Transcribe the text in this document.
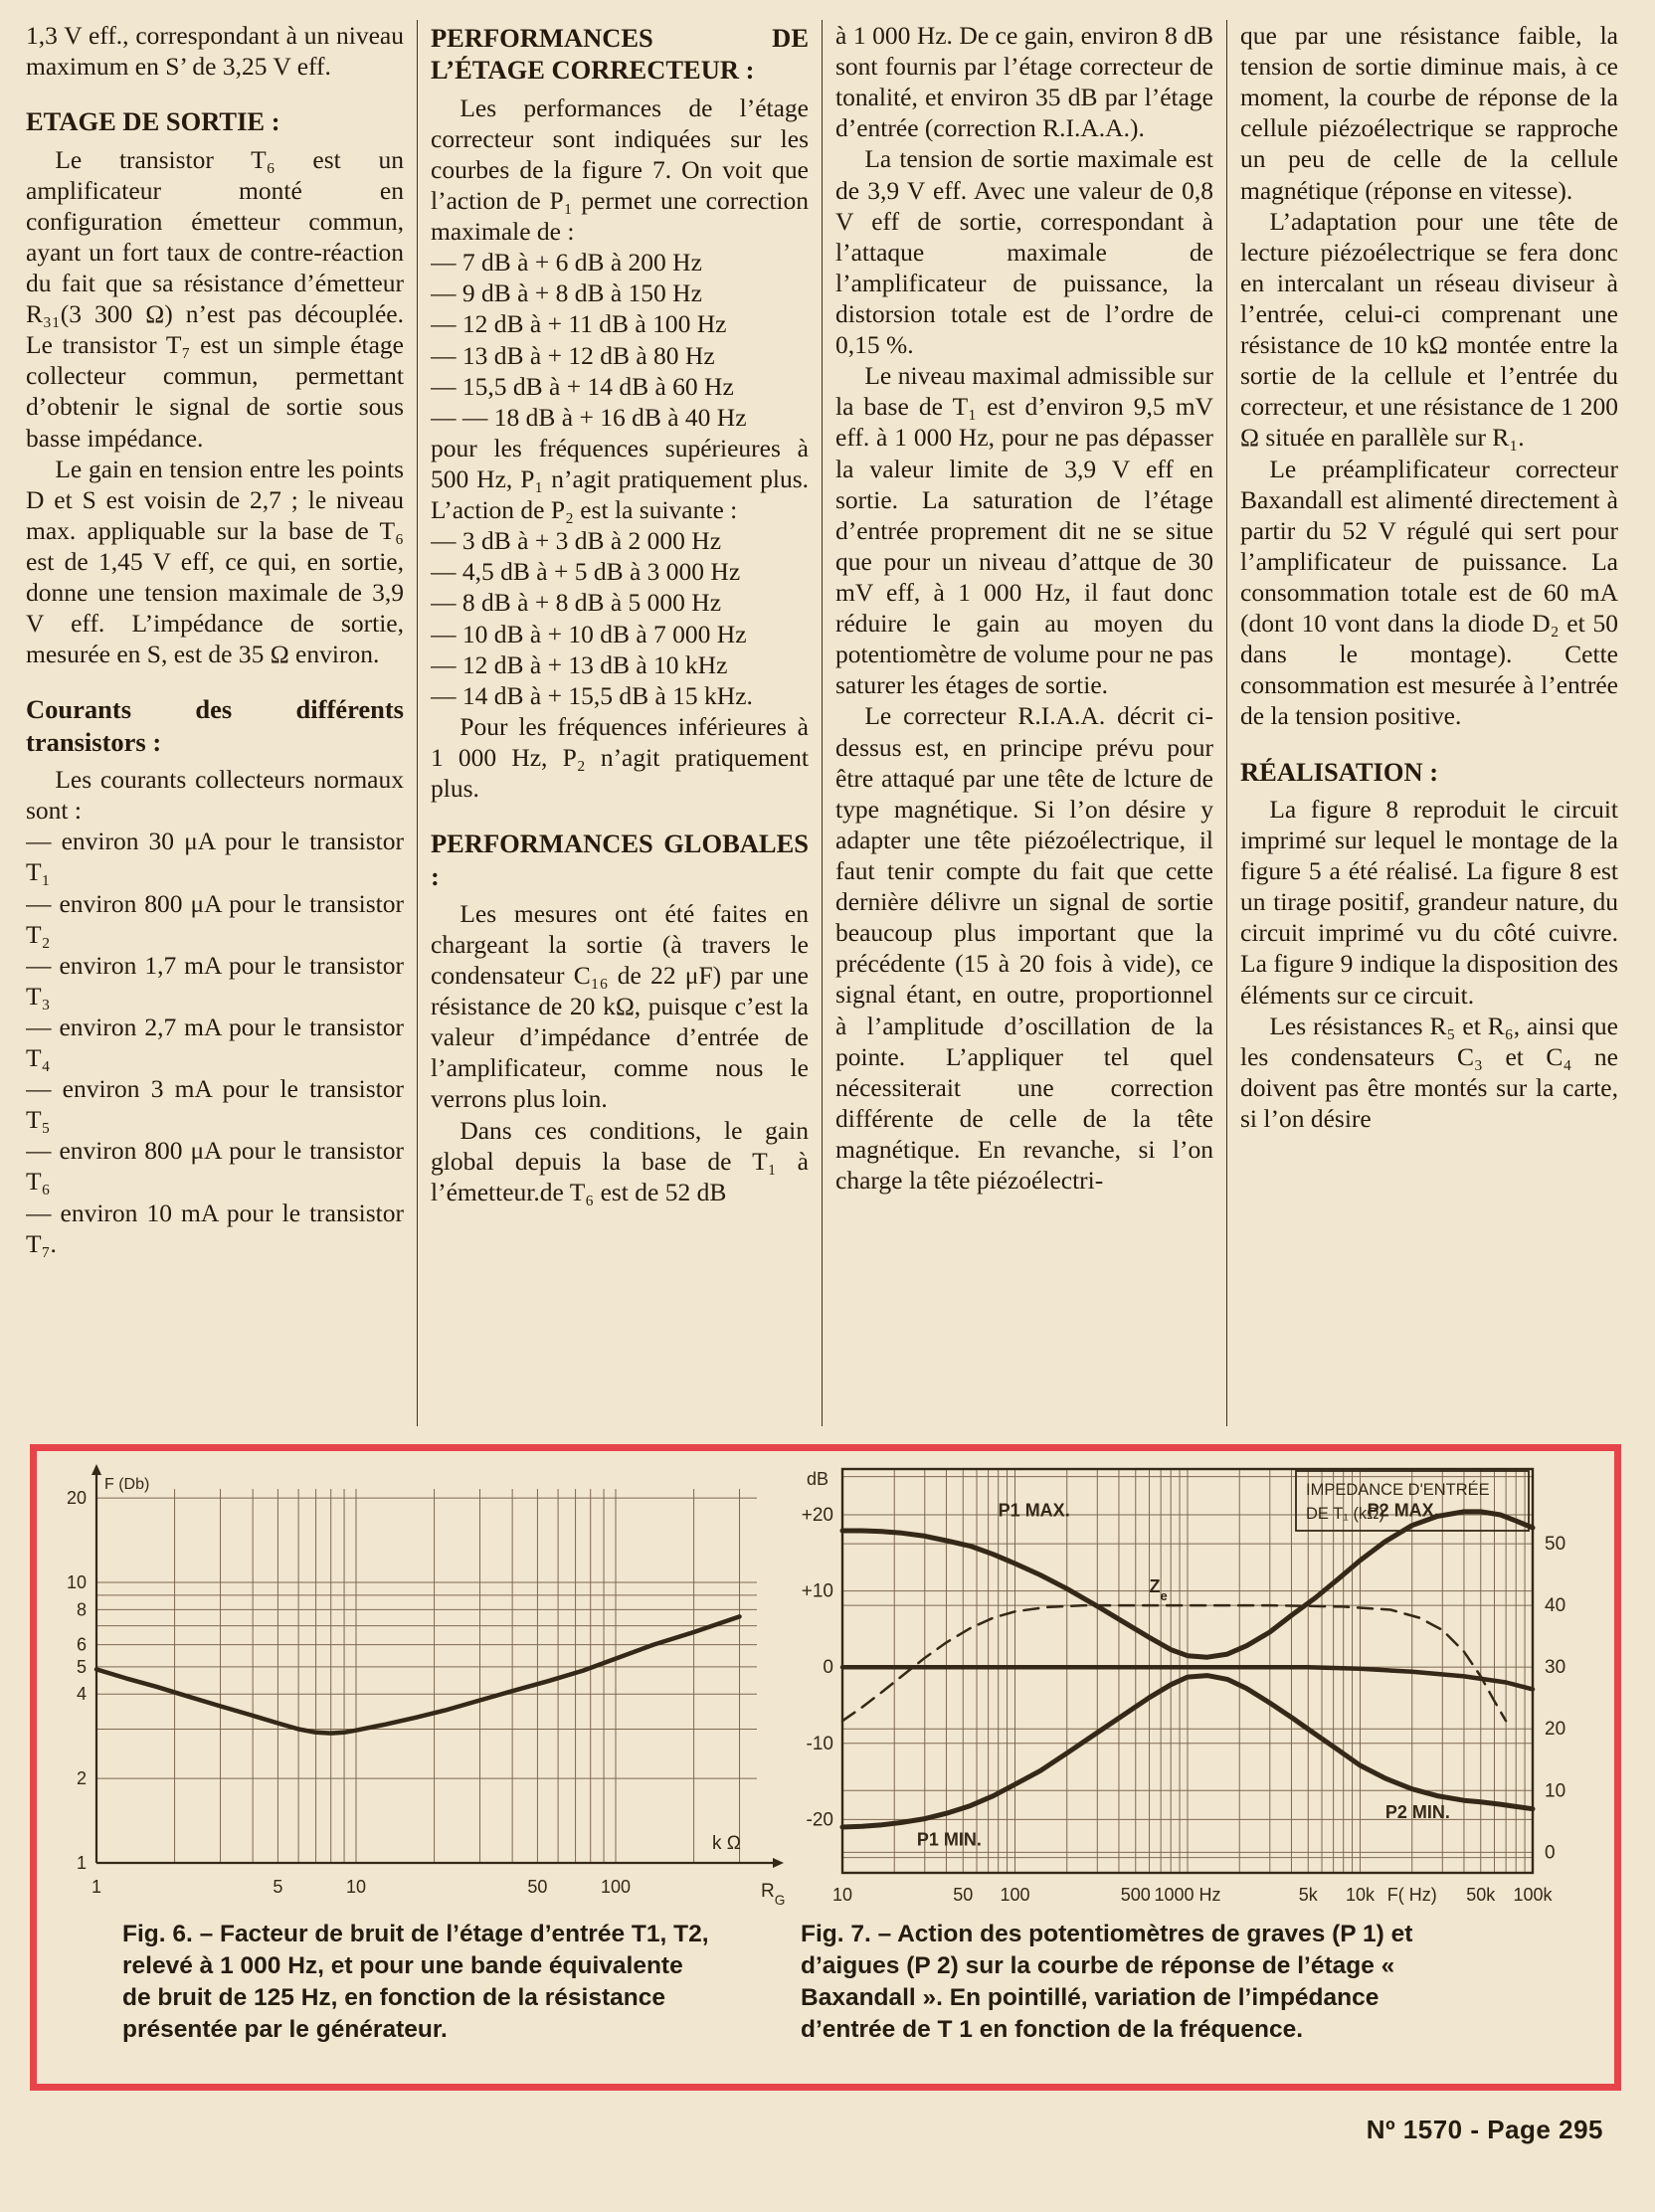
1,3 V eff., correspondant à un niveau maximum en S’ de 3,25 V eff.

ETAGE DE SORTIE :

Le transistor T₆ est un amplificateur monté en configuration émetteur commun, ayant un fort taux de contre-réaction du fait que sa résistance d’émetteur R₃₁(3 300 Ω) n’est pas découplée. Le transistor T₇ est un simple étage collecteur commun, permettant d’obtenir le signal de sortie sous basse impédance.

Le gain en tension entre les points D et S est voisin de 2,7 ; le niveau max. appliquable sur la base de T₆ est de 1,45 V eff, ce qui, en sortie, donne une tension maximale de 3,9 V eff. L’impédance de sortie, mesurée en S, est de 35 Ω environ.

Courants des différents transistors :

Les courants collecteurs normaux sont :

— environ 30 μA pour le transistor T₁

— environ 800 μA pour le transistor T₂

— environ 1,7 mA pour le transistor T₃

— environ 2,7 mA pour le transistor T₄

— environ 3 mA pour le transistor T₅

— environ 800 μA pour le transistor T₆

— environ 10 mA pour le transistor T₇.

PERFORMANCES DE L’ÉTAGE CORRECTEUR :

Les performances de l’étage correcteur sont indiquées sur les courbes de la figure 7. On voit que l’action de P₁ permet une correction maximale de :

— 7 dB à + 6 dB à 200 Hz

— 9 dB à + 8 dB à 150 Hz

— 12 dB à + 11 dB à 100 Hz

— 13 dB à + 12 dB à 80 Hz

— 15,5 dB à + 14 dB à 60 Hz

— — 18 dB à + 16 dB à 40 Hz

pour les fréquences supérieures à 500 Hz, P₁ n’agit pratiquement plus. L’action de P₂ est la suivante :

— 3 dB à + 3 dB à 2 000 Hz

— 4,5 dB à + 5 dB à 3 000 Hz

— 8 dB à + 8 dB à 5 000 Hz

— 10 dB à + 10 dB à 7 000 Hz

— 12 dB à + 13 dB à 10 kHz

— 14 dB à + 15,5 dB à 15 kHz.

Pour les fréquences inférieures à 1 000 Hz, P₂ n’agit pratiquement plus.

PERFORMANCES GLOBALES :

Les mesures ont été faites en chargeant la sortie (à travers le condensateur C₁₆ de 22 μF) par une résistance de 20 kΩ, puisque c’est la valeur d’impédance d’entrée de l’amplificateur, comme nous le verrons plus loin.

Dans ces conditions, le gain global depuis la base de T₁ à l’émetteur.de T₆ est de 52 dB

à 1 000 Hz. De ce gain, environ 8 dB sont fournis par l’étage correcteur de tonalité, et environ 35 dB par l’étage d’entrée (correction R.I.A.A.).

La tension de sortie maximale est de 3,9 V eff. Avec une valeur de 0,8 V eff de sortie, correspondant à l’attaque maximale de l’amplificateur de puissance, la distorsion totale est de l’ordre de 0,15 %.

Le niveau maximal admissible sur la base de T₁ est d’environ 9,5 mV eff. à 1 000 Hz, pour ne pas dépasser la valeur limite de 3,9 V eff en sortie. La saturation de l’étage d’entrée proprement dit ne se situe que pour un niveau d’attque de 30 mV eff, à 1 000 Hz, il faut donc réduire le gain au moyen du potentiomètre de volume pour ne pas saturer les étages de sortie.

Le correcteur R.I.A.A. décrit ci-dessus est, en principe prévu pour être attaqué par une tête de lcture de type magnétique. Si l’on désire y adapter une tête piézoélectrique, il faut tenir compte du fait que cette dernière délivre un signal de sortie beaucoup plus important que la précédente (15 à 20 fois à vide), ce signal étant, en outre, proportionnel à l’amplitude d’oscillation de la pointe. L’appliquer tel quel nécessiterait une correction différente de celle de la tête magnétique. En revanche, si l’on charge la tête piézoélectri-

que par une résistance faible, la tension de sortie diminue mais, à ce moment, la courbe de réponse de la cellule piézoélectrique se rapproche un peu de celle de la cellule magnétique (réponse en vitesse).

L’adaptation pour une tête de lecture piézoélectrique se fera donc en intercalant un réseau diviseur à l’entrée, celui-ci comprenant une résistance de 10 kΩ montée entre la sortie de la cellule et l’entrée du correcteur, et une résistance de 1 200 Ω située en parallèle sur R₁.

Le préamplificateur correcteur Baxandall est alimenté directement à partir du 52 V régulé qui sert pour l’amplificateur de puissance. La consommation totale est de 60 mA (dont 10 vont dans la diode D₂ et 50 dans le montage). Cette consommation est mesurée à l’entrée de la tension positive.

RÉALISATION :

La figure 8 reproduit le circuit imprimé sur lequel le montage de la figure 5 a été réalisé. La figure 8 est un tirage positif, grandeur nature, du circuit imprimé vu du côté cuivre. La figure 9 indique la disposition des éléments sur ce circuit.

Les résistances R₅ et R₆, ainsi que les condensateurs C₃ et C₄ ne doivent pas être montés sur la carte, si l’on désire

20
10
8
6
5
4
2
1
1	5	10	50	100
F (Db)
k Ω
$R_G$
+20
+10
0
-10
-20
dB
50
40
30
20
10
0
10	50 100	500 1000 Hz	5k 10k F( Hz) 50k 100k
IMPEDANCE D'ENTRÉE
DE T₁ (kΩ)
P1 MAX.	P2 MAX.
$Z_e$
P1 MIN.
P2 MIN.
Fig. 6. – Facteur de bruit de l’étage d’entrée T1, T2, relevé à 1 000 Hz, et pour une bande équivalente de bruit de 125 Hz, en fonction de la résistance présentée par le générateur.
Fig. 7. – Action des potentiomètres de graves (P 1) et d’aigues (P 2) sur la courbe de réponse de l’étage « Baxandall ». En pointillé, variation de l’impédance d’entrée de T 1 en fonction de la fréquence.
Nº 1570 - Page 295
